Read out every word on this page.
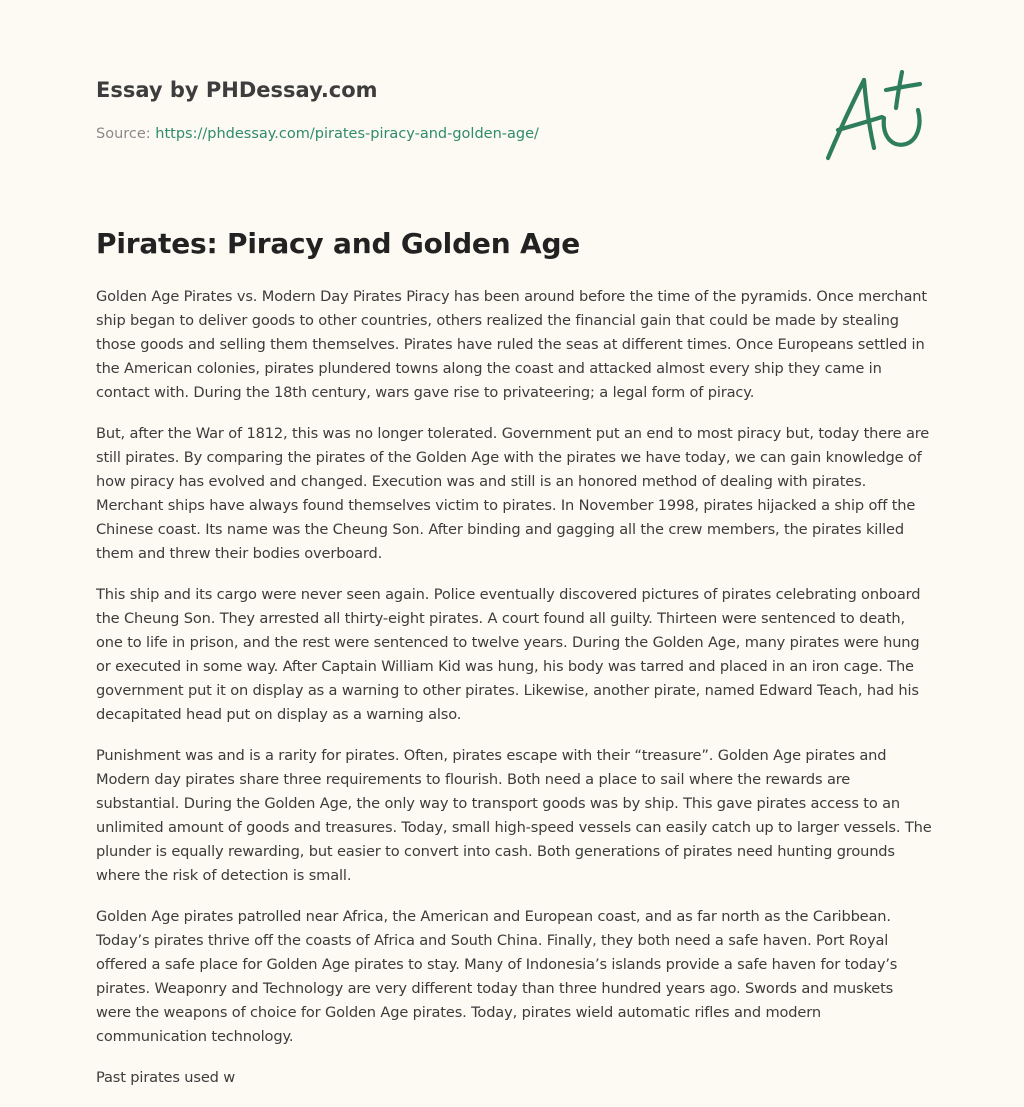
Essay by PHDessay.com
Source: https://phdessay.com/pirates-piracy-and-golden-age/
Pirates: Piracy and Golden Age

Golden Age Pirates vs. Modern Day Pirates Piracy has been around before the time of the pyramids. Once merchant ship began to deliver goods to other countries, others realized the financial gain that could be made by stealing those goods and selling them themselves. Pirates have ruled the seas at different times. Once Europeans settled in the American colonies, pirates plundered towns along the coast and attacked almost every ship they came in contact with. During the 18th century, wars gave rise to privateering; a legal form of piracy.

But, after the War of 1812, this was no longer tolerated. Government put an end to most piracy but, today there are still pirates. By comparing the pirates of the Golden Age with the pirates we have today, we can gain knowledge of how piracy has evolved and changed. Execution was and still is an honored method of dealing with pirates. Merchant ships have always found themselves victim to pirates. In November 1998, pirates hijacked a ship off the Chinese coast. Its name was the Cheung Son. After binding and gagging all the crew members, the pirates killed them and threw their bodies overboard.

This ship and its cargo were never seen again. Police eventually discovered pictures of pirates celebrating onboard the Cheung Son. They arrested all thirty-eight pirates. A court found all guilty. Thirteen were sentenced to death, one to life in prison, and the rest were sentenced to twelve years. During the Golden Age, many pirates were hung or executed in some way. After Captain William Kid was hung, his body was tarred and placed in an iron cage. The government put it on display as a warning to other pirates. Likewise, another pirate, named Edward Teach, had his decapitated head put on display as a warning also.

Punishment was and is a rarity for pirates. Often, pirates escape with their “treasure”. Golden Age pirates and Modern day pirates share three requirements to flourish. Both need a place to sail where the rewards are substantial. During the Golden Age, the only way to transport goods was by ship. This gave pirates access to an unlimited amount of goods and treasures. Today, small high-speed vessels can easily catch up to larger vessels. The plunder is equally rewarding, but easier to convert into cash. Both generations of pirates need hunting grounds where the risk of detection is small.

Golden Age pirates patrolled near Africa, the American and European coast, and as far north as the Caribbean. Today’s pirates thrive off the coasts of Africa and South China. Finally, they both need a safe haven. Port Royal offered a safe place for Golden Age pirates to stay. Many of Indonesia’s islands provide a safe haven for today’s pirates. Weaponry and Technology are very different today than three hundred years ago. Swords and muskets were the weapons of choice for Golden Age pirates. Today, pirates wield automatic rifles and modern communication technology.

Past pirates used w
